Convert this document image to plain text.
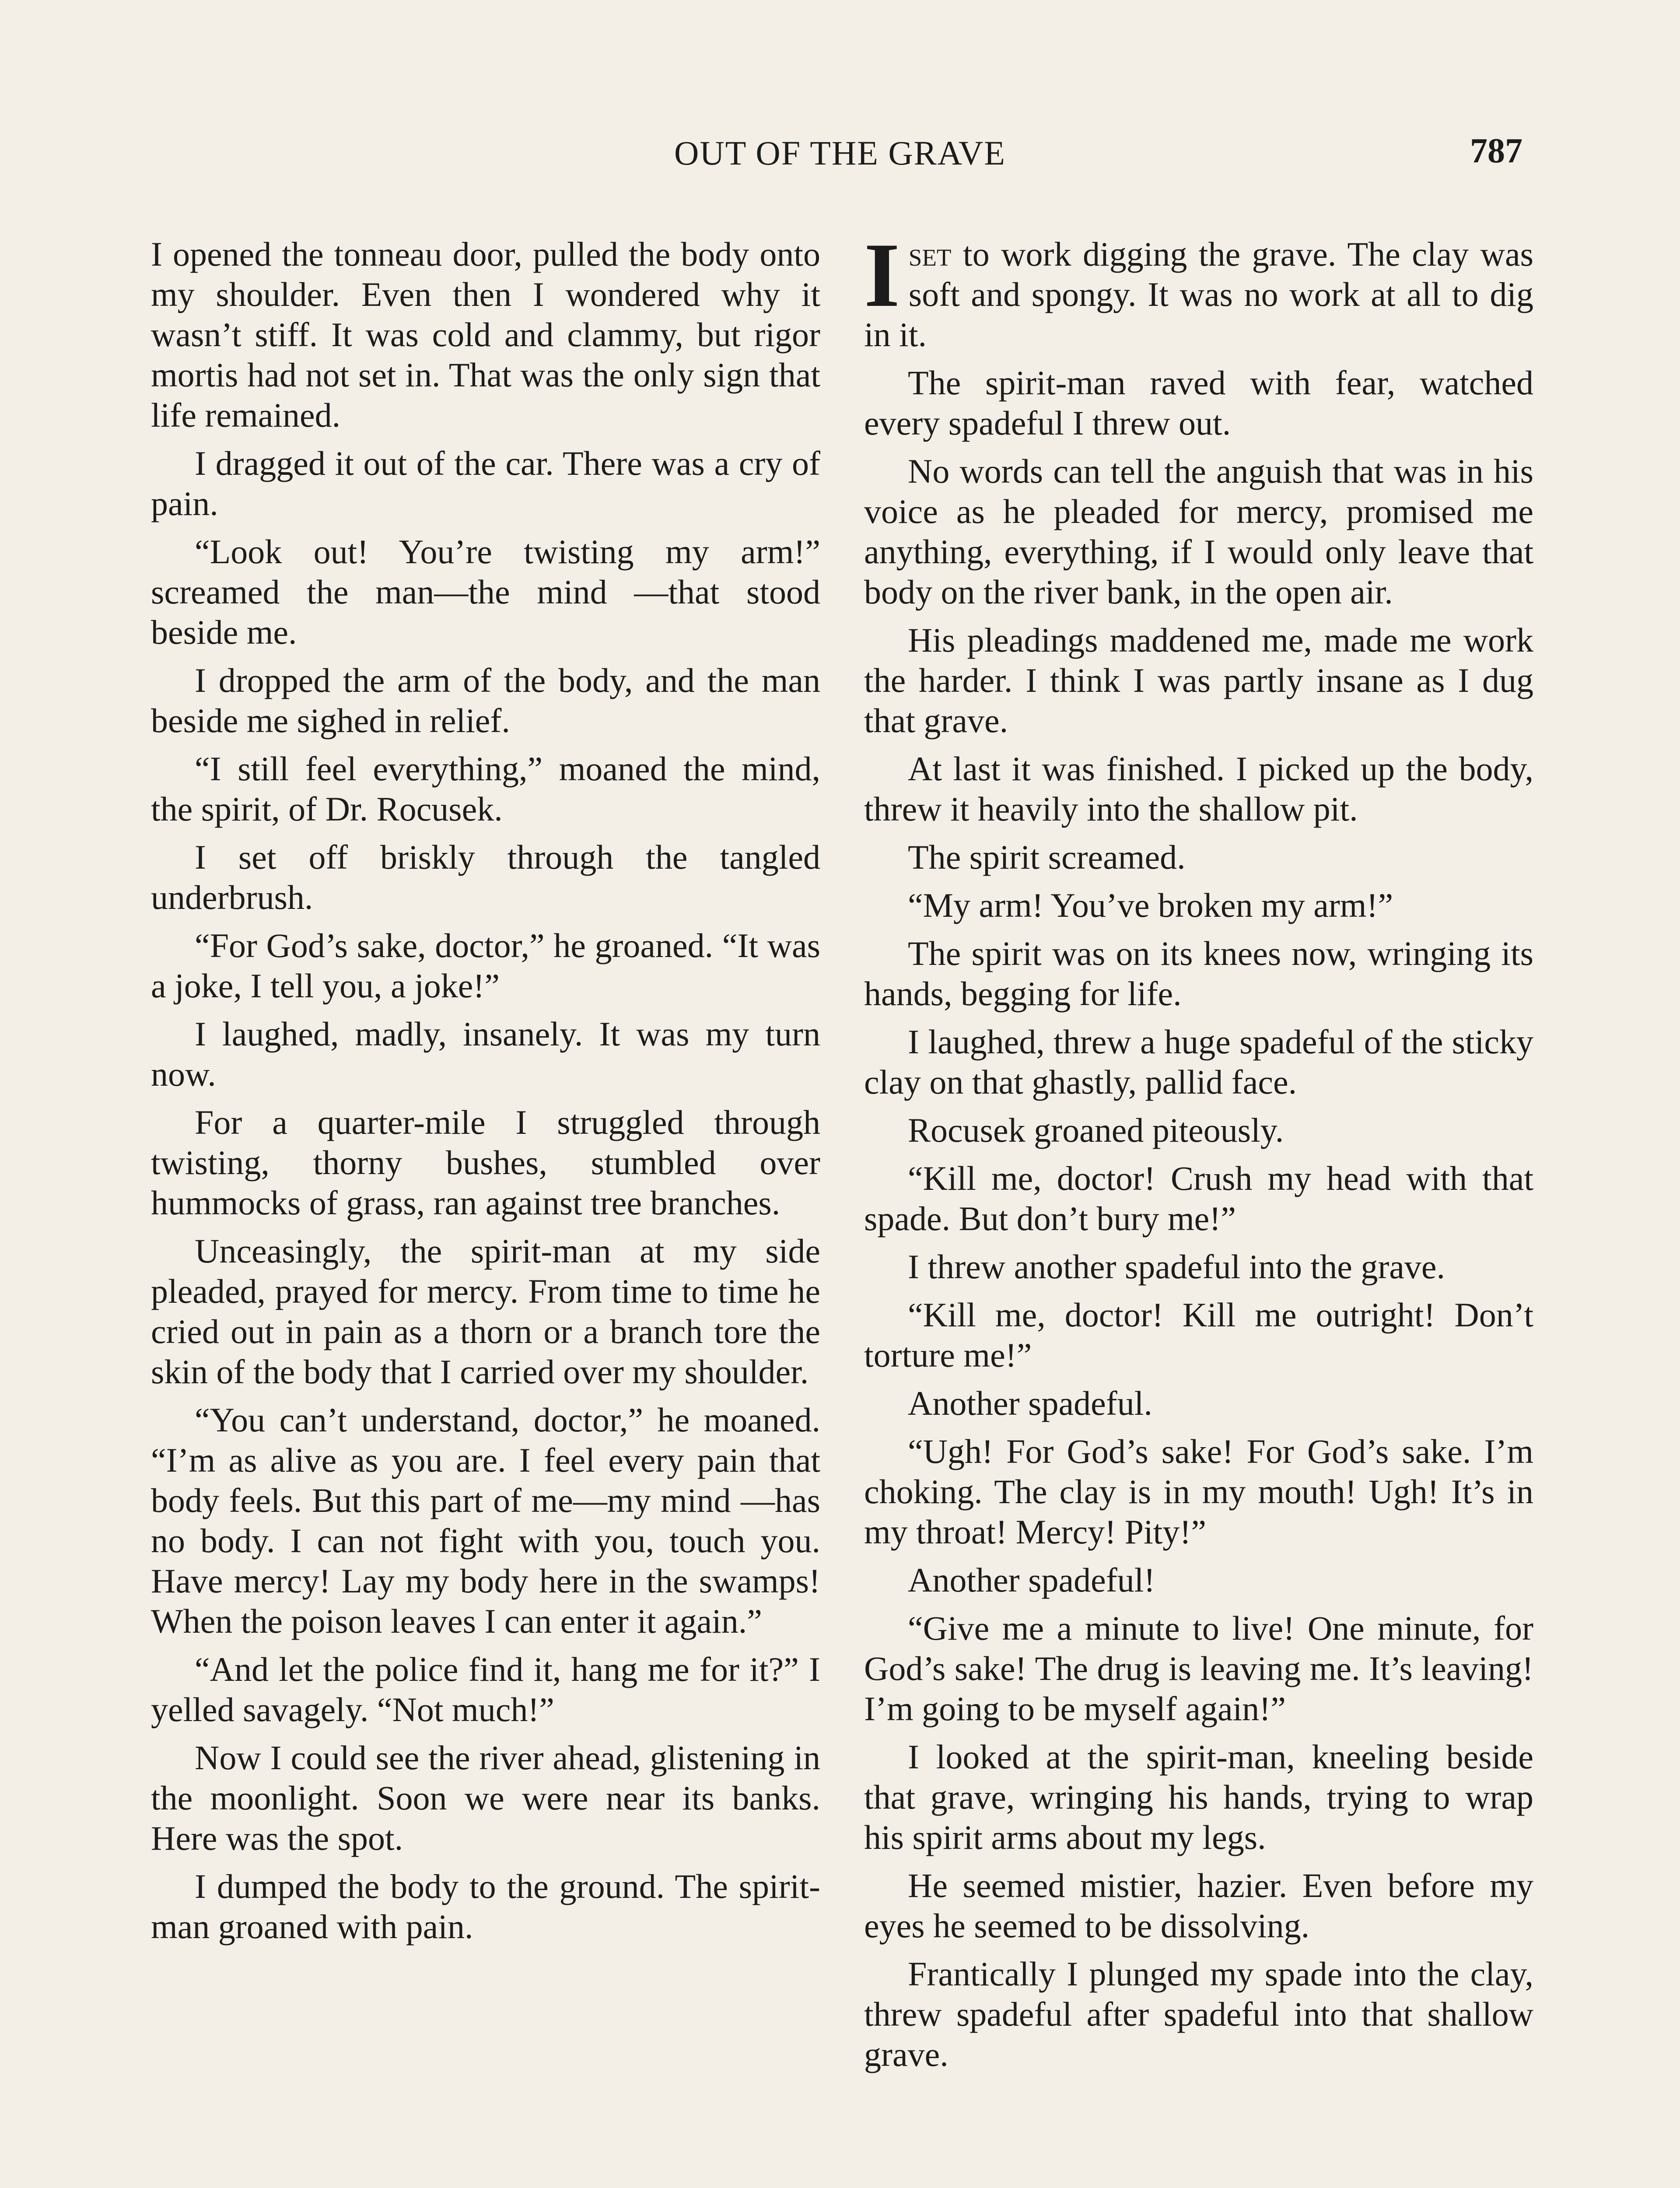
OUT OF THE GRAVE	787

I opened the tonneau door, pulled the body onto my shoulder. Even then I wondered why it wasn’t stiff. It was cold and clammy, but rigor mortis had not set in. That was the only sign that life remained.

I dragged it out of the car. There was a cry of pain.

“Look out! You’re twisting my arm!” screamed the man—the mind —that stood beside me.

I dropped the arm of the body, and the man beside me sighed in relief.

“I still feel everything,” moaned the mind, the spirit, of Dr. Rocusek.

I set off briskly through the tangled underbrush.

“For God’s sake, doctor,” he groaned. “It was a joke, I tell you, a joke!”

I laughed, madly, insanely. It was my turn now.

For a quarter-mile I struggled through twisting, thorny bushes, stumbled over hummocks of grass, ran against tree branches.

Unceasingly, the spirit-man at my side pleaded, prayed for mercy. From time to time he cried out in pain as a thorn or a branch tore the skin of the body that I carried over my shoulder.

“You can’t understand, doctor,” he moaned. “I’m as alive as you are. I feel every pain that body feels. But this part of me—my mind —has no body. I can not fight with you, touch you. Have mercy! Lay my body here in the swamps! When the poison leaves I can enter it again.”

“And let the police find it, hang me for it?” I yelled savagely. “Not much!”

Now I could see the river ahead, glistening in the moonlight. Soon we were near its banks. Here was the spot.

I dumped the body to the ground. The spirit-man groaned with pain.

Iset to work digging the grave. The clay was soft and spongy. It was no work at all to dig in it.

The spirit-man raved with fear, watched every spadeful I threw out.

No words can tell the anguish that was in his voice as he pleaded for mercy, promised me anything, everything, if I would only leave that body on the river bank, in the open air.

His pleadings maddened me, made me work the harder. I think I was partly insane as I dug that grave.

At last it was finished. I picked up the body, threw it heavily into the shallow pit.

The spirit screamed.

“My arm! You’ve broken my arm!”

The spirit was on its knees now, wringing its hands, begging for life.

I laughed, threw a huge spadeful of the sticky clay on that ghastly, pallid face.

Rocusek groaned piteously.

“Kill me, doctor! Crush my head with that spade. But don’t bury me!”

I threw another spadeful into the grave.

“Kill me, doctor! Kill me outright! Don’t torture me!”

Another spadeful.

“Ugh! For God’s sake! For God’s sake. I’m choking. The clay is in my mouth! Ugh! It’s in my throat! Mercy! Pity!”

Another spadeful!

“Give me a minute to live! One minute, for God’s sake! The drug is leaving me. It’s leaving! I’m going to be myself again!”

I looked at the spirit-man, kneeling beside that grave, wringing his hands, trying to wrap his spirit arms about my legs.

He seemed mistier, hazier. Even before my eyes he seemed to be dissolving.

Frantically I plunged my spade into the clay, threw spadeful after spadeful into that shallow grave.
